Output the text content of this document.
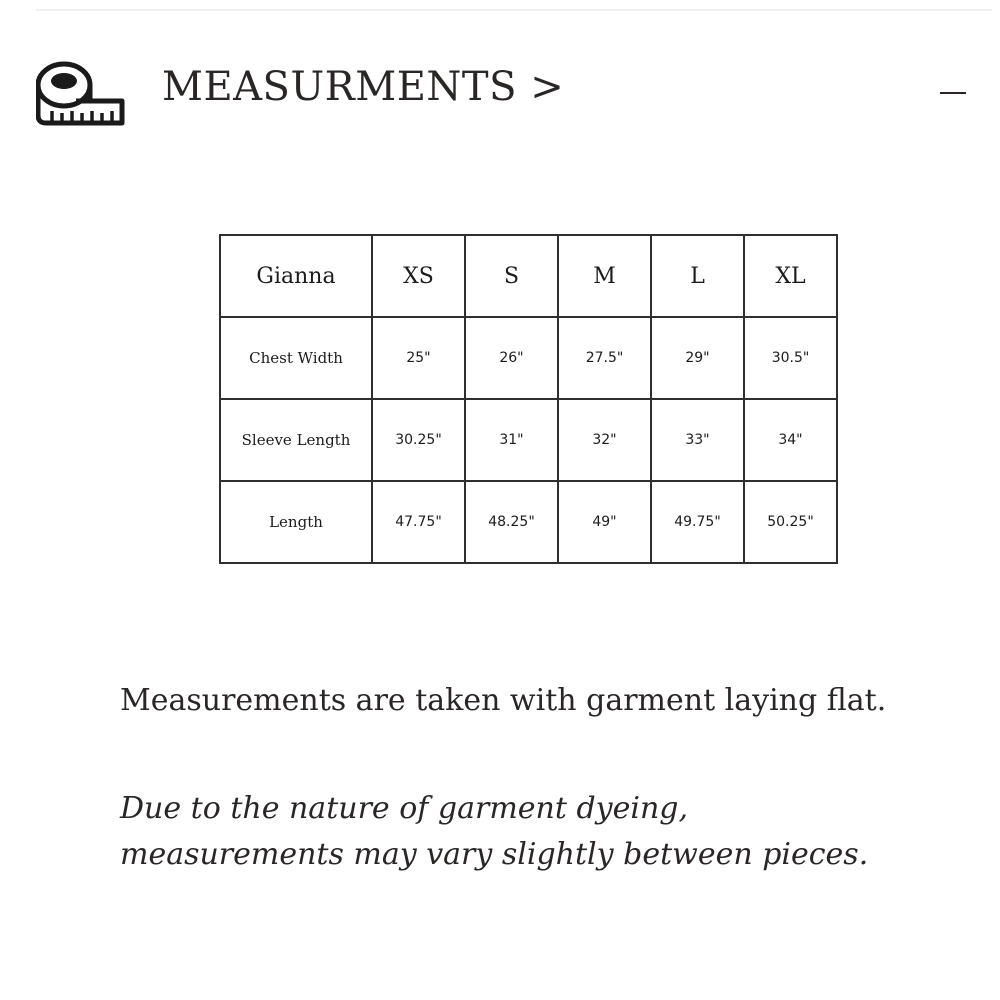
MEASURMENTS >
Gianna	XS	S	M	L	XL
Chest Width	25"	26"	27.5"	29"	30.5"
Sleeve Length	30.25"	31"	32"	33"	34"
Length	47.75"	48.25"	49"	49.75"	50.25"

Measurements are taken with garment laying flat.

Due to the nature of garment dyeing, measurements may vary slightly between pieces.
